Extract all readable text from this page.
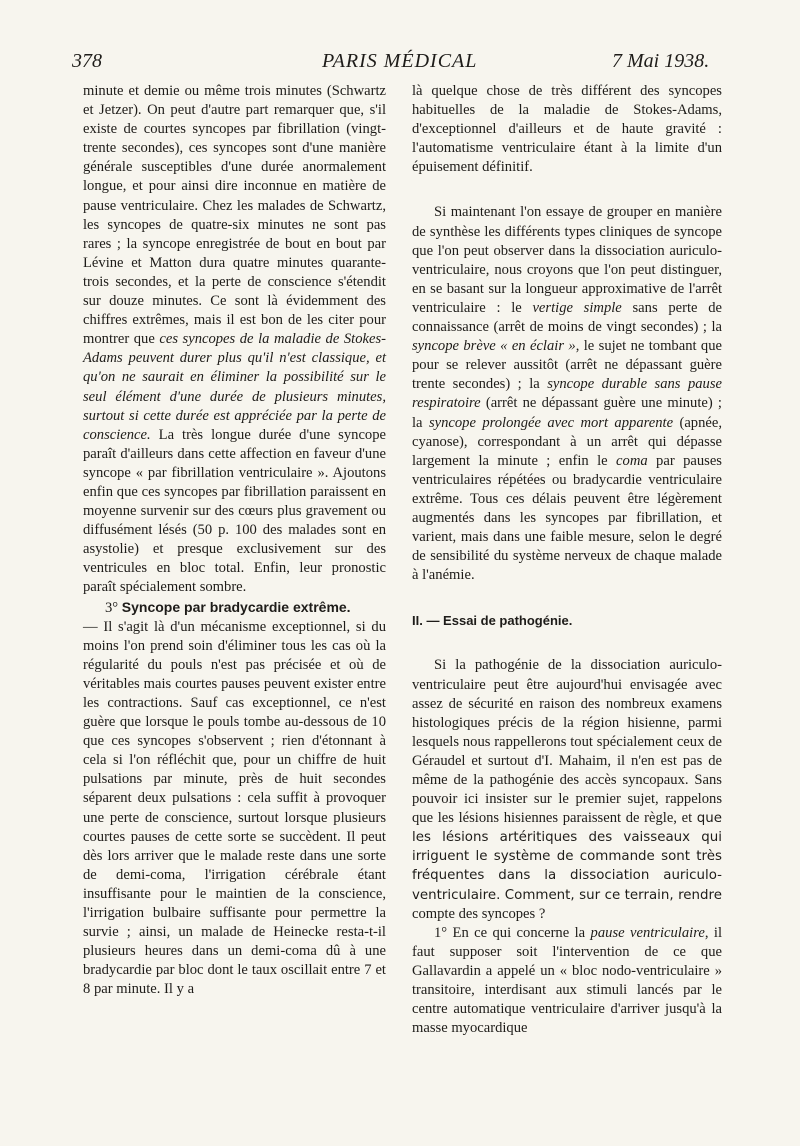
378	PARIS MÉDICAL	7 Mai 1938.

minute et demie ou même trois minutes (Schwartz et Jetzer). On peut d'autre part remarquer que, s'il existe de courtes syncopes par fibrillation (vingt-trente secondes), ces syncopes sont d'une manière générale susceptibles d'une durée anormalement longue, et pour ainsi dire inconnue en matière de pause ventriculaire. Chez les malades de Schwartz, les syncopes de quatre-six minutes ne sont pas rares ; la syncope enregistrée de bout en bout par Lévine et Matton dura quatre minutes quarante-trois secondes, et la perte de conscience s'étendit sur douze minutes. Ce sont là évidemment des chiffres extrêmes, mais il est bon de les citer pour montrer que ces syncopes de la maladie de Stokes-Adams peuvent durer plus qu'il n'est classique, et qu'on ne saurait en éliminer la possibilité sur le seul élément d'une durée de plusieurs minutes, surtout si cette durée est appréciée par la perte de conscience. La très longue durée d'une syncope paraît d'ailleurs dans cette affection en faveur d'une syncope « par fibrillation ventriculaire ». Ajoutons enfin que ces syncopes par fibrillation paraissent en moyenne survenir sur des cœurs plus gravement ou diffusément lésés (50 p. 100 des malades sont en asystolie) et presque exclusivement sur des ventricules en bloc total. Enfin, leur pronostic paraît spécialement sombre.

3° Syncope par bradycardie extrême.

— Il s'agit là d'un mécanisme exceptionnel, si du moins l'on prend soin d'éliminer tous les cas où la régularité du pouls n'est pas précisée et où de véritables mais courtes pauses peuvent exister entre les contractions. Sauf cas exceptionnel, ce n'est guère que lorsque le pouls tombe au-dessous de 10 que ces syncopes s'observent ; rien d'étonnant à cela si l'on réfléchit que, pour un chiffre de huit pulsations par minute, près de huit secondes séparent deux pulsations : cela suffit à provoquer une perte de conscience, surtout lorsque plusieurs courtes pauses de cette sorte se succèdent. Il peut dès lors arriver que le malade reste dans une sorte de demi-coma, l'irrigation cérébrale étant insuffisante pour le maintien de la conscience, l'irrigation bulbaire suffisante pour permettre la survie ; ainsi, un malade de Heinecke resta-t-il plusieurs heures dans un demi-coma dû à une bradycardie par bloc dont le taux oscillait entre 7 et 8 par minute. Il y a

là quelque chose de très différent des syncopes habituelles de la maladie de Stokes-Adams, d'exceptionnel d'ailleurs et de haute gravité : l'automatisme ventriculaire étant à la limite d'un épuisement définitif.

Si maintenant l'on essaye de grouper en manière de synthèse les différents types cliniques de syncope que l'on peut observer dans la dissociation auriculo-ventriculaire, nous croyons que l'on peut distinguer, en se basant sur la longueur approximative de l'arrêt ventriculaire : le vertige simple sans perte de connaissance (arrêt de moins de vingt secondes) ; la syncope brève « en éclair », le sujet ne tombant que pour se relever aussitôt (arrêt ne dépassant guère trente secondes) ; la syncope durable sans pause respiratoire (arrêt ne dépassant guère une minute) ; la syncope prolongée avec mort apparente (apnée, cyanose), correspondant à un arrêt qui dépasse largement la minute ; enfin le coma par pauses ventriculaires répétées ou bradycardie ventriculaire extrême. Tous ces délais peuvent être légèrement augmentés dans les syncopes par fibrillation, et varient, mais dans une faible mesure, selon le degré de sensibilité du système nerveux de chaque malade à l'anémie.

II. — Essai de pathogénie.

Si la pathogénie de la dissociation auriculo-ventriculaire peut être aujourd'hui envisagée avec assez de sécurité en raison des nombreux examens histologiques précis de la région hisienne, parmi lesquels nous rappellerons tout spécialement ceux de Géraudel et surtout d'I. Mahaim, il n'en est pas de même de la pathogénie des accès syncopaux. Sans pouvoir ici insister sur le premier sujet, rappelons que les lésions hisiennes paraissent de règle, et que les lésions artéritiques des vaisseaux qui irriguent le système de commande sont très fréquentes dans la dissociation auriculo-ventriculaire. Comment, sur ce terrain, rendre compte des syncopes ?

1° En ce qui concerne la pause ventriculaire, il faut supposer soit l'intervention de ce que Gallavardin a appelé un « bloc nodo-ventriculaire » transitoire, interdisant aux stimuli lancés par le centre automatique ventriculaire d'arriver jusqu'à la masse myocardique
